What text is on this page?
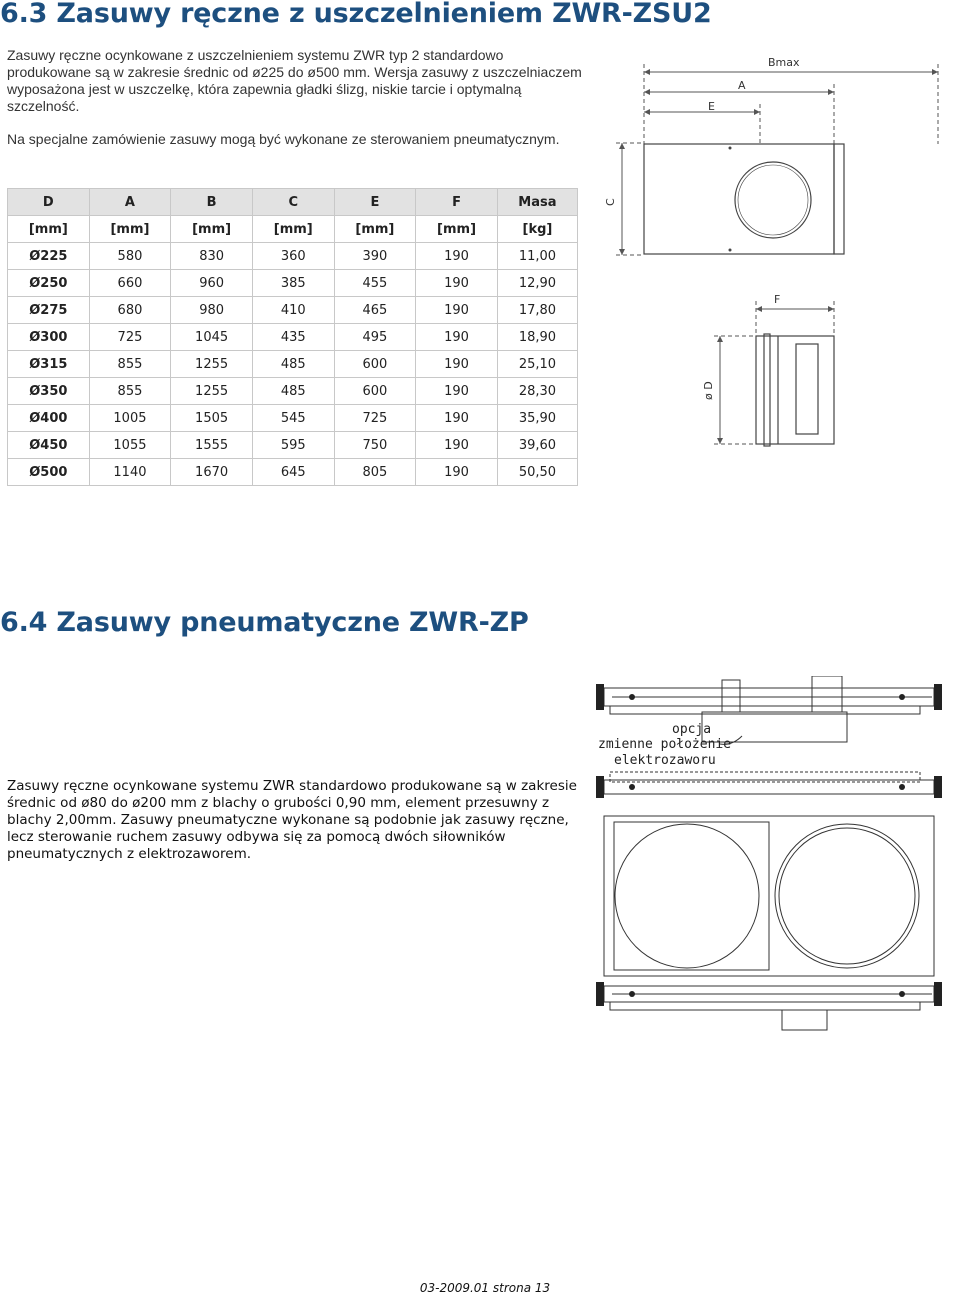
6.3 Zasuwy ręczne z uszczelnieniem ZWR-ZSU2
Zasuwy ręczne ocynkowane z uszczelnieniem systemu ZWR typ 2 standardowo produkowane są w zakresie średnic od ø225 do ø500 mm. Wersja zasuwy z uszczelniaczem wyposażona jest w uszczelkę, która zapewnia gładki ślizg, niskie tarcie i optymalną szczelność.
Na specjalne zamówienie zasuwy mogą być wykonane ze sterowaniem pneumatycznym.
D	A	B	C	E	F	Masa
[mm]	[mm]	[mm]	[mm]	[mm]	[mm]	[kg]
Ø225	580	830	360	390	190	11,00
Ø250	660	960	385	455	190	12,90
Ø275	680	980	410	465	190	17,80
Ø300	725	1045	435	495	190	18,90
Ø315	855	1255	485	600	190	25,10
Ø350	855	1255	485	600	190	28,30
Ø400	1005	1505	545	725	190	35,90
Ø450	1055	1555	595	750	190	39,60
Ø500	1140	1670	645	805	190	50,50
Bmax
A
E
C
F
ø D
6.4 Zasuwy pneumatyczne ZWR-ZP
Zasuwy ręczne ocynkowane systemu ZWR standardowo produkowane są w zakresie średnic od ø80 do ø200 mm z blachy o grubości 0,90 mm, element przesuwny z blachy 2,00mm. Zasuwy pneumatyczne wykonane są podobnie jak zasuwy ręczne, lecz sterowanie ruchem zasuwy odbywa się za pomocą dwóch siłowników pneumatycznych z elektrozaworem.
opcja
zmienne położenie
elektrozaworu
03-2009.01 strona 13
